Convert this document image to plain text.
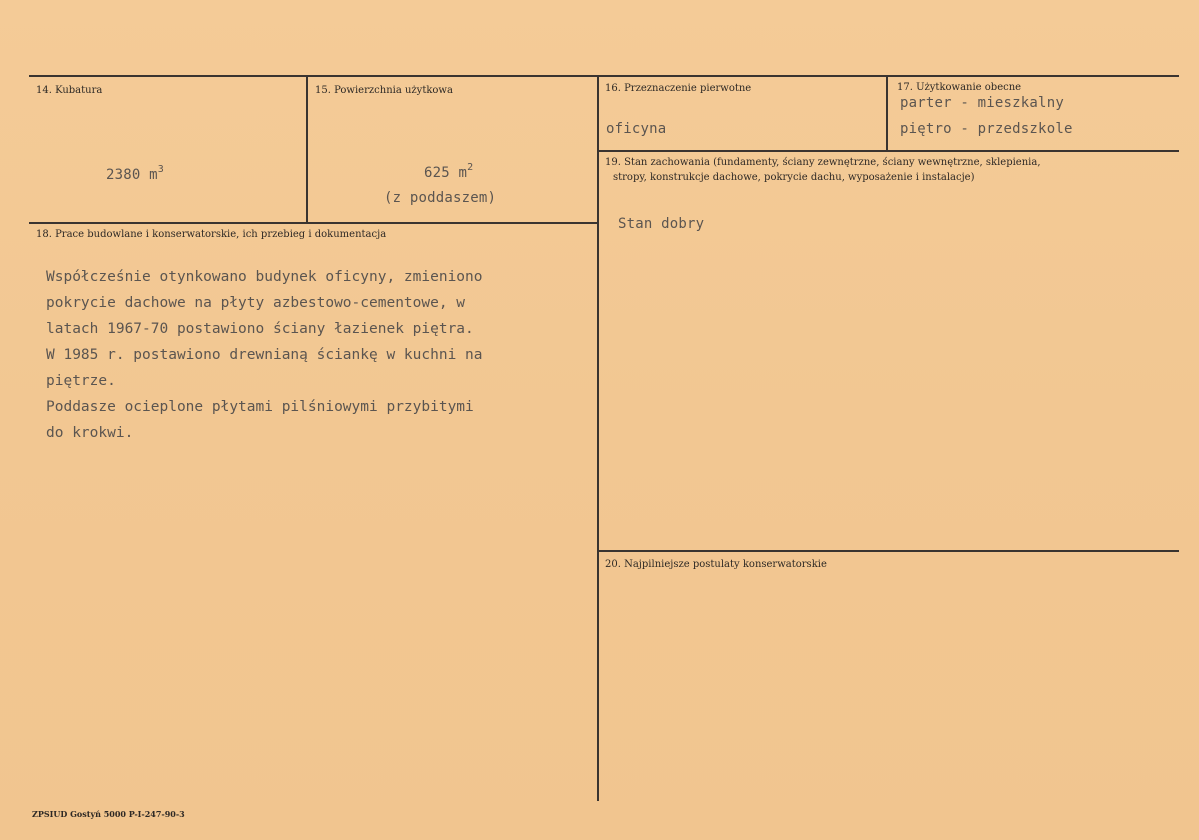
14. Kubatura
2380 $m^3$
15. Powierzchnia użytkowa
625 $m^2$
(z poddaszem)
16. Przeznaczenie pierwotne
oficyna
17. Użytkowanie obecne
parter - mieszkalny
piętro - przedszkole
19. Stan zachowania (fundamenty, ściany zewnętrzne, ściany wewnętrzne, sklepienia,
stropy, konstrukcje dachowe, pokrycie dachu, wyposażenie i instalacje)
Stan dobry
18. Prace budowlane i konserwatorskie, ich przebieg i dokumentacja
Współcześnie otynkowano budynek oficyny, zmieniono
pokrycie dachowe na płyty azbestowo-cementowe, w
latach 1967-70 postawiono ściany łazienek piętra.
W 1985 r. postawiono drewnianą ściankę w kuchni na
piętrze.
Poddasze ocieplone płytami pilśniowymi przybitymi
do krokwi.
20. Najpilniejsze postulaty konserwatorskie
ZPSIUD Gostyń 5000 P-I-247-90-3
